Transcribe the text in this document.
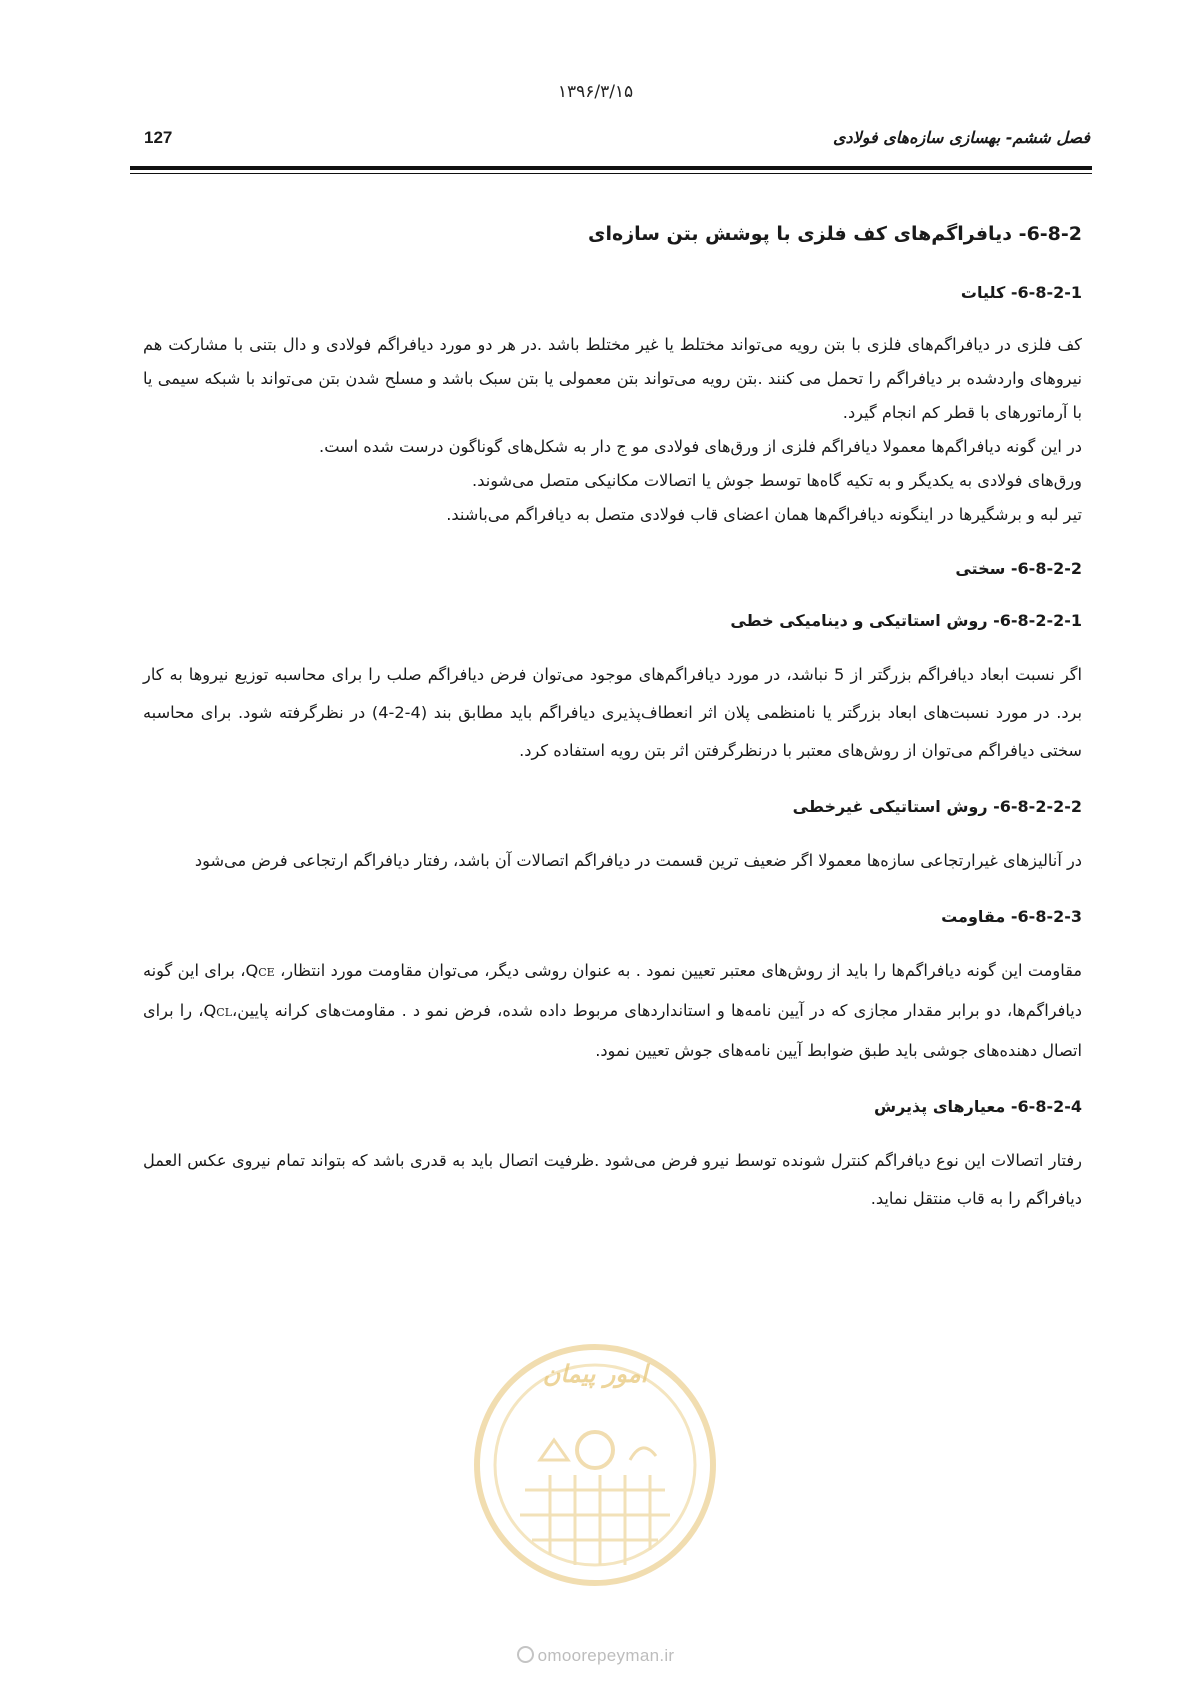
۱۳۹۶/۳/۱۵
127	فصل ششم- بهسازی سازه‌های فولادی
6-8-2- دیافراگم‌های کف فلزی با پوشش بتن سازه‌ای
6-8-2-1- کلیات

کف فلزی در دیافراگم‌های فلزی با بتن رویه می‌تواند مختلط یا غیر مختلط باشد .در هر دو مورد دیافراگم فولادی و دال بتنی با مشارکت هم نیروهای واردشده بر دیافراگم را تحمل می کنند .بتن رویه می‌تواند بتن معمولی یا بتن سبک باشد و مسلح شدن بتن می‌تواند با شبکه سیمی یا با آرماتورهای با قطر کم انجام گیرد.

در این گونه دیافراگم‌ها معمولا دیافراگم فلزی از ورق‌های فولادی مو ج دار به شکل‌های گوناگون درست شده است.

ورق‌های فولادی به یکدیگر و به تکیه گاه‌ها توسط جوش یا اتصالات مکانیکی متصل می‌شوند.

تیر لبه و برشگیرها در اینگونه دیافراگم‌ها همان اعضای قاب فولادی متصل به دیافراگم می‌باشند.

6-8-2-2- سختی
6-8-2-2-1- روش استاتیکی و دینامیکی خطی

اگر نسبت ابعاد دیافراگم بزرگتر از 5 نباشد، در مورد دیافراگم‌های موجود می‌توان فرض دیافراگم صلب را برای محاسبه توزیع نیروها به کار برد. در مورد نسبت‌های ابعاد بزرگتر یا نامنظمی پلان اثر انعطاف‌پذیری دیافراگم باید مطابق بند (4-2-4) در نظرگرفته شود. برای محاسبه سختی دیافراگم می‌توان از روش‌های معتبر با درنظرگرفتن اثر بتن رویه استفاده کرد.

6-8-2-2-2- روش استاتیکی غیرخطی

در آنالیزهای غیرارتجاعی سازه‌ها معمولا اگر ضعیف ترین قسمت در دیافراگم اتصالات آن باشد، رفتار دیافراگم ارتجاعی فرض می‌شود

6-8-2-3- مقاومت

مقاومت این گونه دیافراگم‌ها را باید از روش‌های معتبر تعیین نمود . به عنوان روشی دیگر، می‌توان مقاومت مورد انتظار، QCE، برای این گونه دیافراگم‌ها، دو برابر مقدار مجازی که در آیین نامه‌ها و استانداردهای مربوط داده شده، فرض نمو د . مقاومت‌های کرانه پایین،QCL، را برای اتصال دهنده‌های جوشی باید طبق ضوابط آیین نامه‌های جوش تعیین نمود.

6-8-2-4- معیارهای پذیرش

رفتار اتصالات این نوع دیافراگم کنترل شونده توسط نیرو فرض می‌شود .ظرفیت اتصال باید به قدری باشد که بتواند تمام نیروی عکس العمل دیافراگم را به قاب منتقل نماید.

امور پیمان
omoorepeyman.ir
